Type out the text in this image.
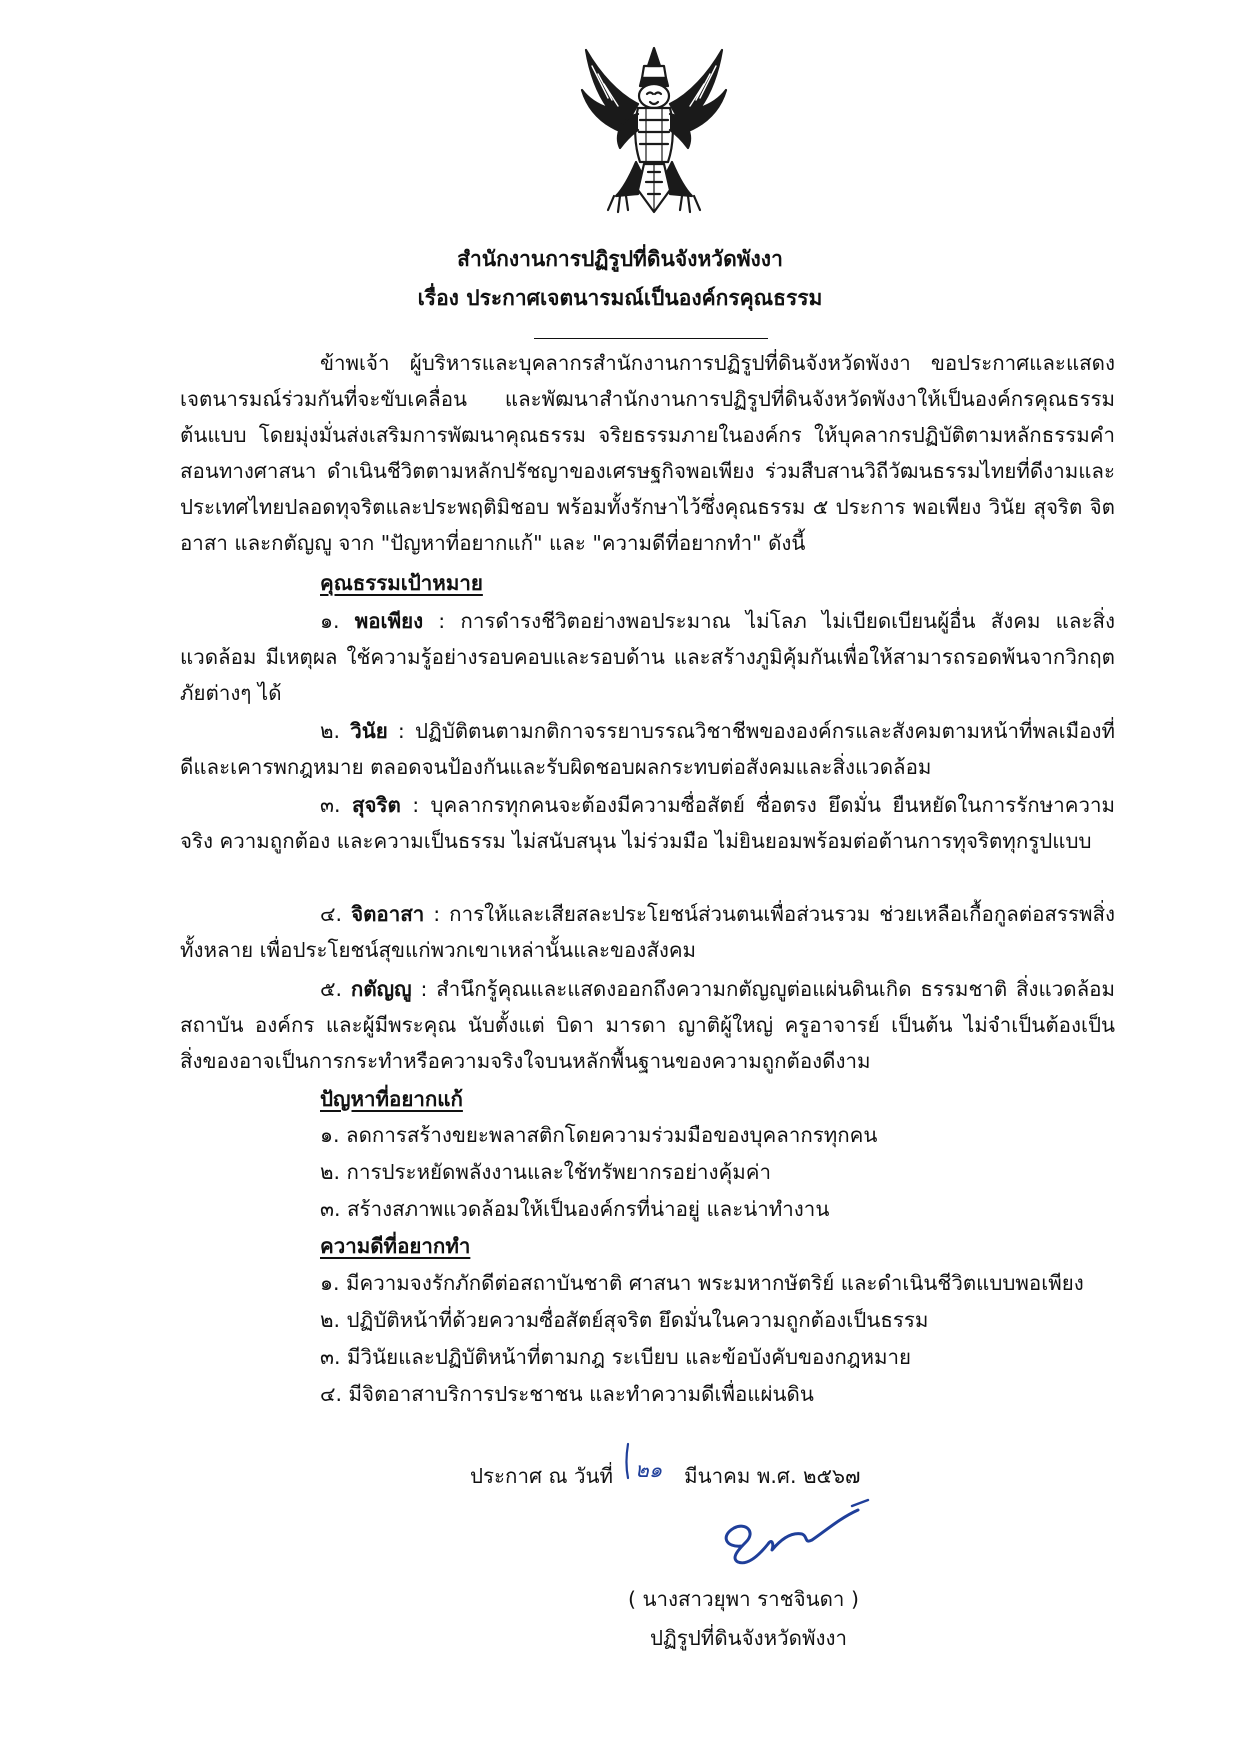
สำนักงานการปฏิรูปที่ดินจังหวัดพังงา
เรื่อง ประกาศเจตนารมณ์เป็นองค์กรคุณธรรม

ข้าพเจ้า ผู้บริหารและบุคลากรสำนักงานการปฏิรูปที่ดินจังหวัดพังงา ขอประกาศและแสดงเจตนารมณ์ร่วมกันที่จะขับเคลื่อน และพัฒนาสำนักงานการปฏิรูปที่ดินจังหวัดพังงาให้เป็นองค์กรคุณธรรมต้นแบบ โดยมุ่งมั่นส่งเสริมการพัฒนาคุณธรรม จริยธรรมภายในองค์กร ให้บุคลากรปฏิบัติตามหลักธรรมคำสอนทางศาสนา ดำเนินชีวิตตามหลักปรัชญาของเศรษฐกิจพอเพียง ร่วมสืบสานวิถีวัฒนธรรมไทยที่ดีงามและประเทศไทยปลอดทุจริตและประพฤติมิชอบ พร้อมทั้งรักษาไว้ซึ่งคุณธรรม ๕ ประการ พอเพียง วินัย สุจริต จิตอาสา และกตัญญู จาก "ปัญหาที่อยากแก้" และ "ความดีที่อยากทำ" ดังนี้

คุณธรรมเป้าหมาย

๑. พอเพียง : การดำรงชีวิตอย่างพอประมาณ ไม่โลภ ไม่เบียดเบียนผู้อื่น สังคม และสิ่งแวดล้อม มีเหตุผล ใช้ความรู้อย่างรอบคอบและรอบด้าน และสร้างภูมิคุ้มกันเพื่อให้สามารถรอดพ้นจากวิกฤตภัยต่างๆ ได้

๒. วินัย : ปฏิบัติตนตามกติกาจรรยาบรรณวิชาชีพขององค์กรและสังคมตามหน้าที่พลเมืองที่ดีและเคารพกฎหมาย ตลอดจนป้องกันและรับผิดชอบผลกระทบต่อสังคมและสิ่งแวดล้อม

๓. สุจริต : บุคลากรทุกคนจะต้องมีความซื่อสัตย์ ซื่อตรง ยึดมั่น ยืนหยัดในการรักษาความจริง ความถูกต้อง และความเป็นธรรม ไม่สนับสนุน ไม่ร่วมมือ ไม่ยินยอมพร้อมต่อต้านการทุจริตทุกรูปแบบ

๔. จิตอาสา : การให้และเสียสละประโยชน์ส่วนตนเพื่อส่วนรวม ช่วยเหลือเกื้อกูลต่อสรรพสิ่งทั้งหลาย เพื่อประโยชน์สุขแก่พวกเขาเหล่านั้นและของสังคม

๕. กตัญญู : สำนึกรู้คุณและแสดงออกถึงความกตัญญูต่อแผ่นดินเกิด ธรรมชาติ สิ่งแวดล้อม สถาบัน องค์กร และผู้มีพระคุณ นับตั้งแต่ บิดา มารดา ญาติผู้ใหญ่ ครูอาจารย์ เป็นต้น ไม่จำเป็นต้องเป็นสิ่งของอาจเป็นการกระทำหรือความจริงใจบนหลักพื้นฐานของความถูกต้องดีงาม

ปัญหาที่อยากแก้
๑. ลดการสร้างขยะพลาสติกโดยความร่วมมือของบุคลากรทุกคน
๒. การประหยัดพลังงานและใช้ทรัพยากรอย่างคุ้มค่า
๓. สร้างสภาพแวดล้อมให้เป็นองค์กรที่น่าอยู่ และน่าทำงาน
ความดีที่อยากทำ
๑. มีความจงรักภักดีต่อสถาบันชาติ ศาสนา พระมหากษัตริย์ และดำเนินชีวิตแบบพอเพียง
๒. ปฏิบัติหน้าที่ด้วยความซื่อสัตย์สุจริต ยึดมั่นในความถูกต้องเป็นธรรม
๓. มีวินัยและปฏิบัติหน้าที่ตามกฎ ระเบียบ และข้อบังคับของกฎหมาย
๔. มีจิตอาสาบริการประชาชน และทำความดีเพื่อแผ่นดิน
ประกาศ ณ วันที่ ๒๑ มีนาคม พ.ศ. ๒๕๖๗
( นางสาวยุพา ราชจินดา )
ปฏิรูปที่ดินจังหวัดพังงา
